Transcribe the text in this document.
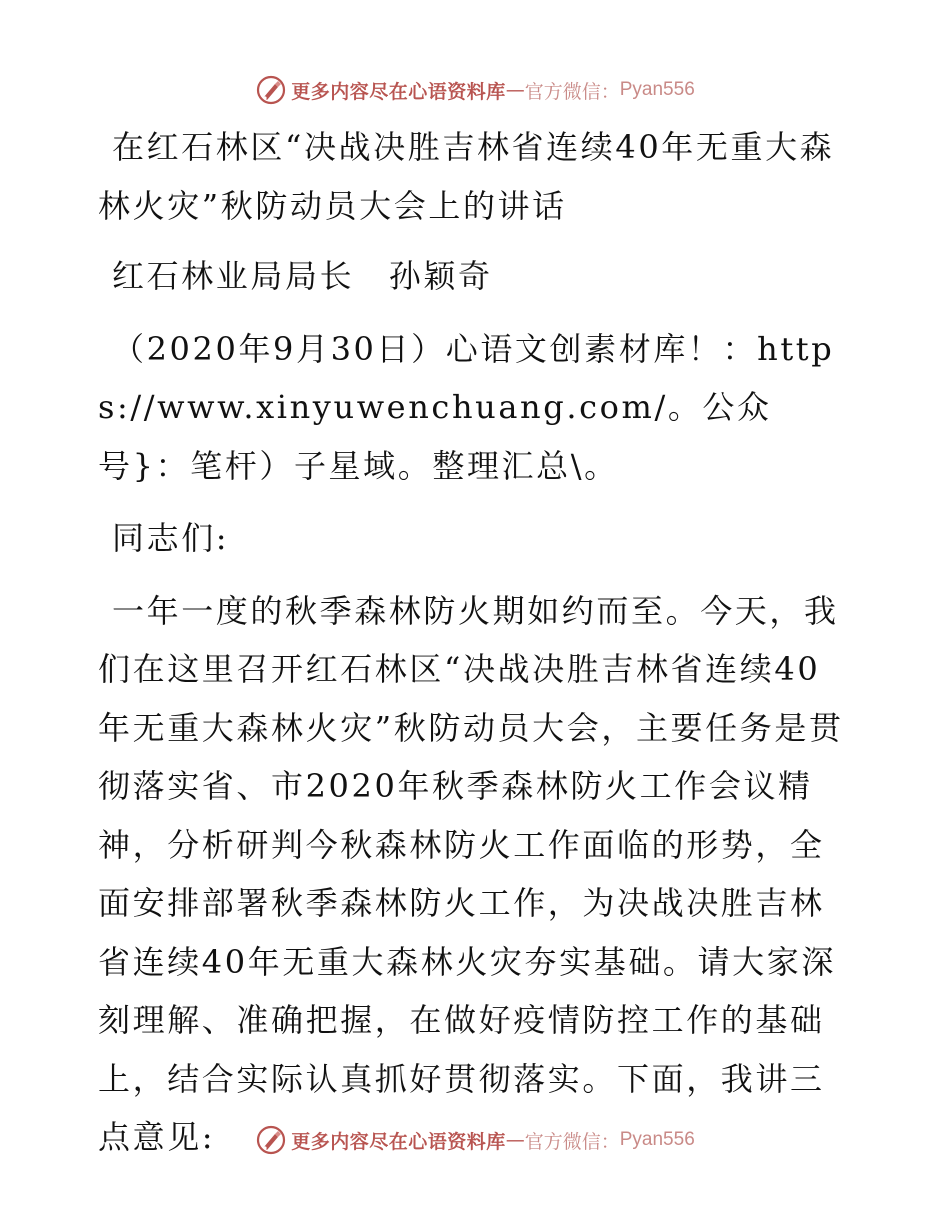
更多内容尽在心语资料库 — 官方微信： Pyan556

在红石林区“决战决胜吉林省连续40年无重大森林火灾”秋防动员大会上的讲话

红石林业局局长　孙颖奇

（2020年9月30日）心语文创素材库！：https://www.xinyuwenchuang.com/。公众号}：笔杆）子星域。整理汇总\。

同志们:

一年一度的秋季森林防火期如约而至。今天，我们在这里召开红石林区“决战决胜吉林省连续40年无重大森林火灾”秋防动员大会，主要任务是贯彻落实省、市2020年秋季森林防火工作会议精神，分析研判今秋森林防火工作面临的形势，全面安排部署秋季森林防火工作，为决战决胜吉林省连续40年无重大森林火灾夯实基础。请大家深刻理解、准确把握，在做好疫情防控工作的基础上，结合实际认真抓好贯彻落实。下面，我讲三点意见:	更多内容尽在心语资料库 — 官方微信： Pyan556
